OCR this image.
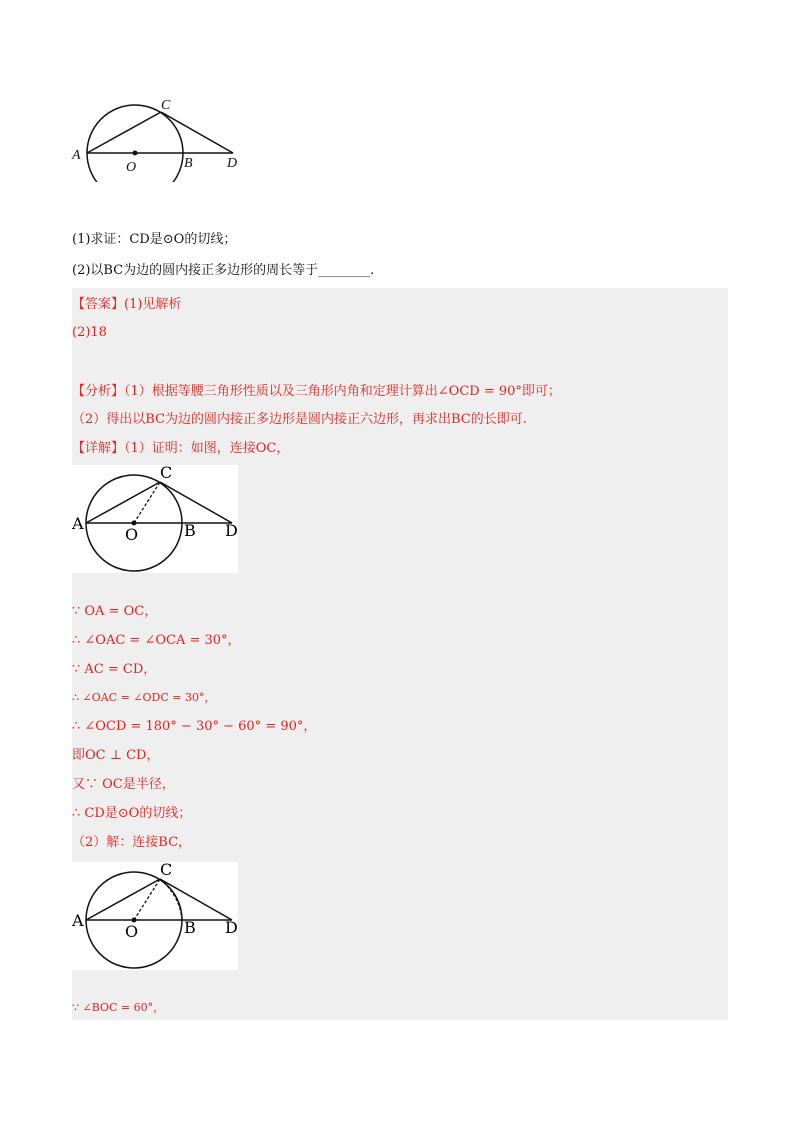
A
O	B
C
D
(1)求证：CD是⊙O的切线；
(2)以BC为边的圆内接正多边形的周长等于________.
【答案】(1)见解析
(2)18
【分析】（1）根据等腰三角形性质以及三角形内角和定理计算出∠OCD = 90°即可；
（2）得出以BC为边的圆内接正多边形是圆内接正六边形，再求出BC的长即可.
【详解】（1）证明：如图，连接OC，
A
O	B
C
D
∵ OA = OC，
∴ ∠OAC = ∠OCA = 30°，
∵ AC = CD，
∴ ∠OAC = ∠ODC = 30°，
∴ ∠OCD = 180° − 30° − 60° = 90°，
即OC ⊥ CD，
又∵ OC是半径，
∴ CD是⊙O的切线；
（2）解：连接BC，
A
O	B
C
D
∵ ∠BOC = 60°，
